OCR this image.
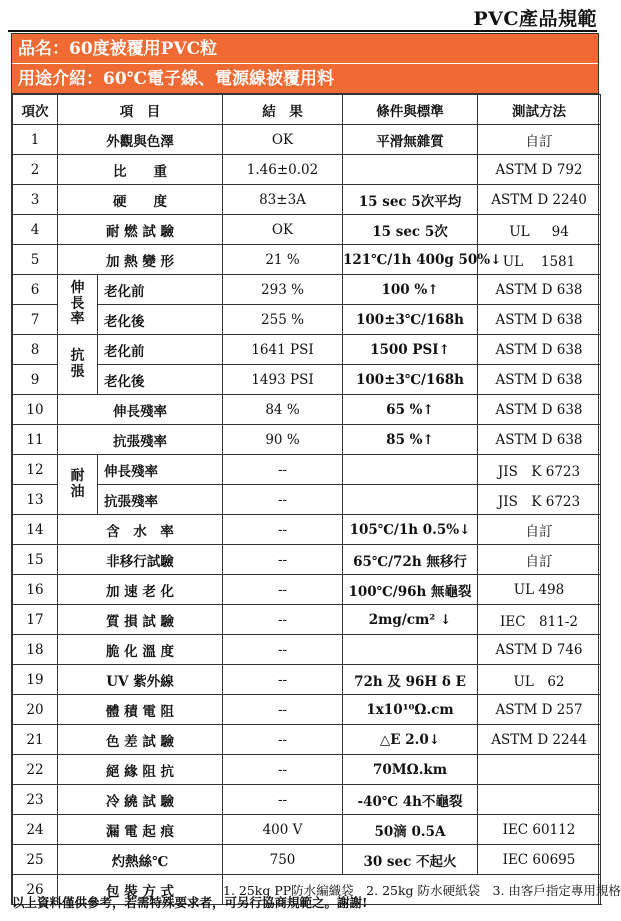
PVC產品規範
品名：60度被覆用PVC粒
用途介紹：60℃電子線、電源線被覆用料
項次	項　目		結　果	條件與標準	測試方法
1	外觀與色澤		OK	平滑無雜質	自訂
2	比　　重		1.46±0.02		ASTM D 792
3	硬　　度		83±3A	15 sec 5次平均	ASTM D 2240
4	耐 燃 試 驗		OK	15 sec 5次	UL 　 94
5	加 熱 變 形		21 %	121℃/1h 400g 50%↓	UL 　1581
6	伸長率	老化前	293 %	100 %↑	ASTM D 638
7		老化後	255 %	100±3℃/168h	ASTM D 638
8	抗張	老化前	1641 PSI	1500 PSI↑	ASTM D 638
9		老化後	1493 PSI	100±3℃/168h	ASTM D 638
10	伸長殘率		84 %	65 %↑	ASTM D 638
11	抗張殘率		90 %	85 %↑	ASTM D 638
12	耐油	伸長殘率	--		JIS　K 6723
13		抗張殘率	--		JIS　K 6723
14	含　水　率		--	105℃/1h 0.5%↓	自訂
15	非移行試驗		--	65℃/72h 無移行	自訂
16	加 速 老 化		--	100℃/96h 無龜裂	UL 498
17	質 損 試 驗		--	2mg/cm² ↓	IEC　811-2
18	脆 化 溫 度		--		ASTM D 746
19	UV 紫外線		--	72h 及 96H δ E	UL　62
20	體 積 電 阻		--	1x10¹⁰Ω.cm	ASTM D 257
21	色 差 試 驗		--	△E 2.0↓	ASTM D 2244
22	絕 緣 阻 抗		--	70MΩ.km	
23	冷 繞 試 驗		--	-40℃ 4h不龜裂	
24	漏 電 起 痕		400 V	50滴 0.5A	IEC 60112
25	灼熱絲℃		750	30 sec 不起火	IEC 60695
26	包 裝 方 式		1. 25kg PP防水編織袋　2. 25kg 防水硬紙袋　3. 由客戶指定專用規格		
以上資料僅供參考，若需特殊要求者，可另行協商規範之。謝謝!
